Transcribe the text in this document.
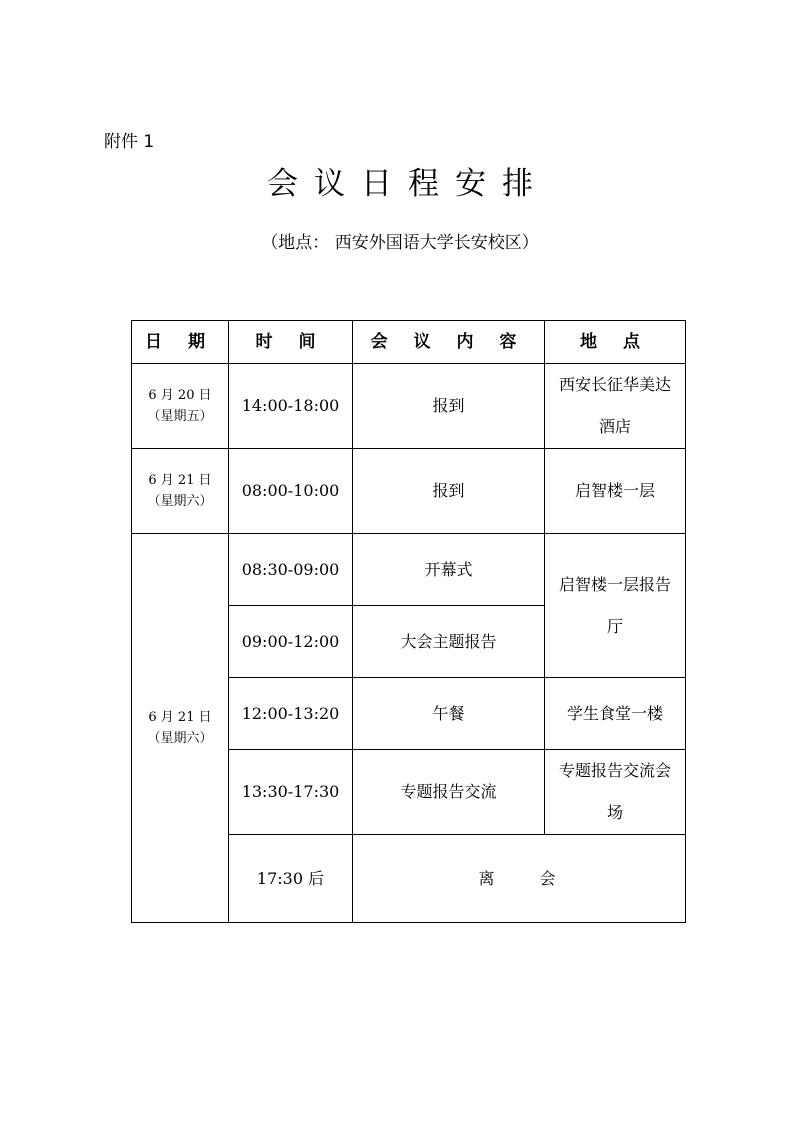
附件 1
会议日程安排
（地点： 西安外国语大学长安校区）
日 期	时 间	会 议 内 容	地 点

6 月 20 日
（星期五）	14:00-18:00	报到	西安长征华美达酒店

6 月 21 日
（星期六）	08:00-10:00	报到	启智楼一层

6 月 21 日
（星期六）	08:30-09:00	开幕式	启智楼一层报告厅
	09:00-12:00	大会主题报告	
	12:00-13:20	午餐	学生食堂一楼
	13:30-17:30	专题报告交流	专题报告交流会场
	17:30 后	离 会	
